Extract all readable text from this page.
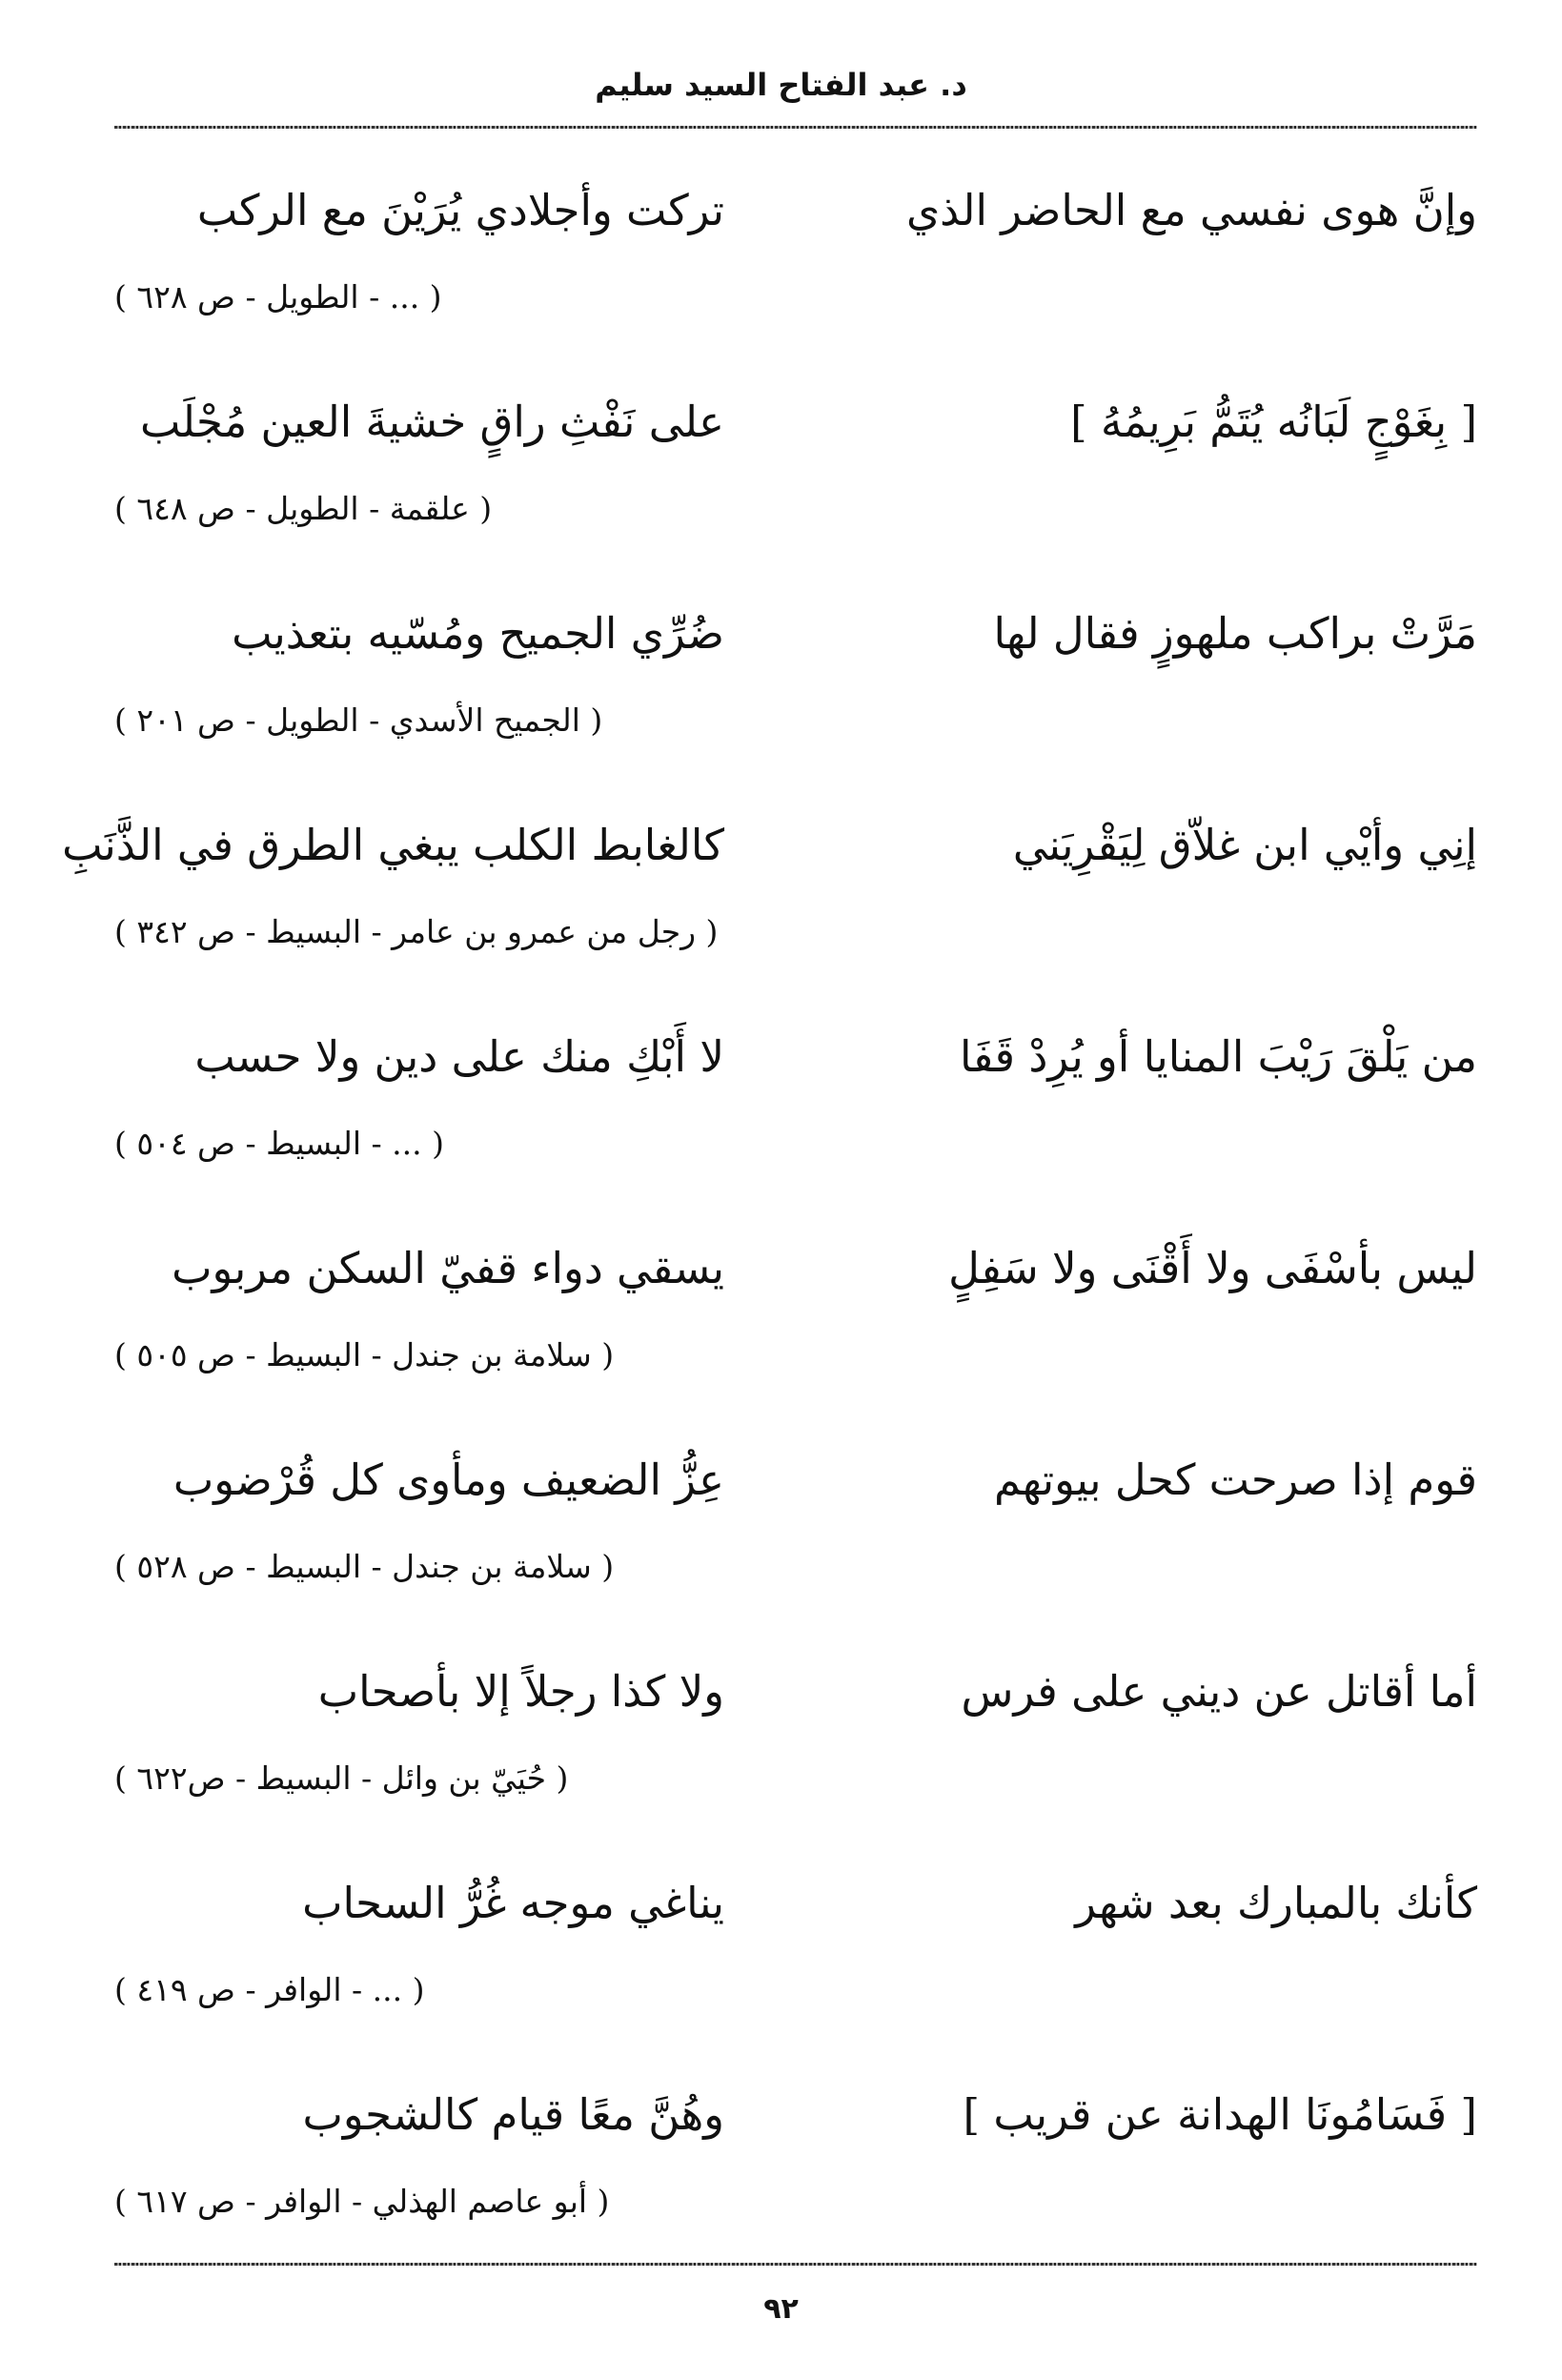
د. عبد الفتاح السيد سليم
وإنَّ هوى نفسي مع الحاضر الذي
تركت وأجلادي يُرَيْنَ مع الركب
( ... - الطويل - ص ٦٢٨ )
[ بِغَوْجٍ لَبَانُه يُتَمُّ بَرِيمُهُ ]
على نَفْثِ راقٍ خشيةَ العين مُجْلَب
( علقمة - الطويل - ص ٦٤٨ )
مَرَّتْ براكب ملهوزٍ فقال لها
ضُرِّي الجميح ومُسّيه بتعذيب
( الجميح الأسدي - الطويل - ص ٢٠١ )
إنِي وأيْي ابن غلاّق لِيَقْرِيَني
كالغابط الكلب يبغي الطرق في الذَّنَبِ
( رجل من عمرو بن عامر - البسيط - ص ٣٤٢ )
من يَلْقَ رَيْبَ المنايا أو يُرِدْ قَفَا
لا أَبْكِ منك على دين ولا حسب
( ... - البسيط - ص ٥٠٤ )
ليس بأسْفَى ولا أَقْنَى ولا سَفِلٍ
يسقي دواء قفيّ السكن مربوب
( سلامة بن جندل - البسيط - ص ٥٠٥ )
قوم إذا صرحت كحل بيوتهم
عِزُّ الضعيف ومأوى كل قُرْضوب
( سلامة بن جندل - البسيط - ص ٥٢٨ )
أما أقاتل عن ديني على فرس
ولا كذا رجلاً إلا بأصحاب
( حُيَيّ بن وائل - البسيط - ص٦٢٢ )
كأنك بالمبارك بعد شهر
يناغي موجه غُرُّ السحاب
( ... - الوافر - ص ٤١٩ )
[ فَسَامُونَا الهدانة عن قريب ]
وهُنَّ معًا قيام كالشجوب
( أبو عاصم الهذلي - الوافر - ص ٦١٧ )
٩٢
